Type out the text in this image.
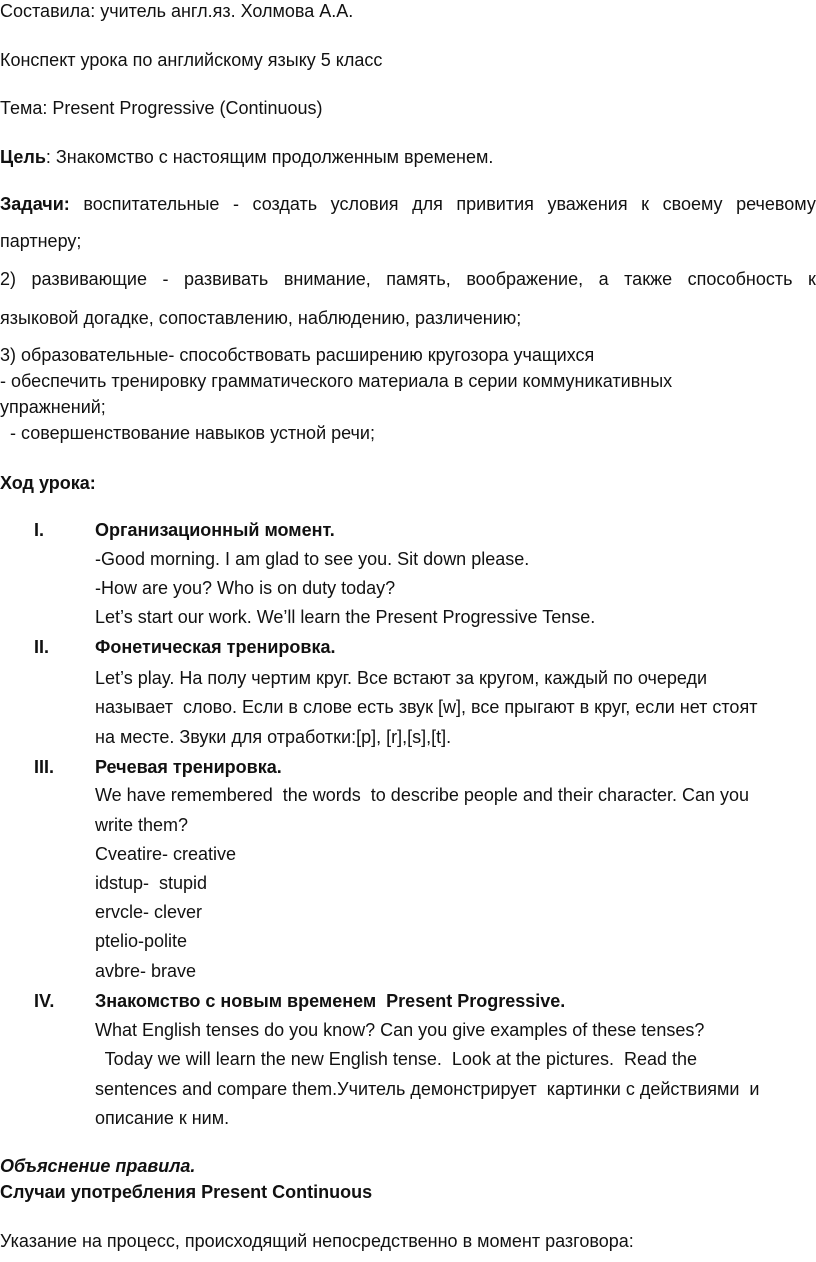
Составила: учитель англ.яз. Холмова А.А.
Конспект урока по английскому языку 5 класс
Тема: Present Progressive (Continuous)
Цель: Знакомство с настоящим продолженным временем.
Задачи: воспитательные - создать условия для привития уважения к своему речевому
партнеру;
2) развивающие - развивать внимание, память, воображение, а также способность к
языковой догадке, сопоставлению, наблюдению, различению;
3) образовательные- способствовать расширению кругозора учащихся
- обеспечить тренировку грамматического материала в серии коммуникативных
упражнений;
- совершенствование навыков устной речи;
Ход урока:
I.	Организационный момент.
-Good morning. I am glad to see you. Sit down please.
-How are you? Who is on duty today?
Let’s start our work. We’ll learn the Present Progressive Tense.
II.	Фонетическая тренировка.
Let’s play. На полу чертим круг. Все встают за кругом, каждый по очереди
называет  слово. Если в слове есть звук [w], все прыгают в круг, если нет стоят
на месте. Звуки для отработки:[p], [r],[s],[t].
III. Речевая тренировка.
We have remembered  the words  to describe people and their character. Can you
write them?
Cveatire- creative
idstup-  stupid
ervcle- clever
ptelio-polite
avbre- brave
IV. Знакомство с новым временем  Present Progressive.
What English tenses do you know? Can you give examples of these tenses?
Today we will learn the new English tense.  Look at the pictures.  Read the
sentences and compare them.Учитель демонстрирует  картинки с действиями  и
описание к ним.
Объяснение правила.
Случаи употребления Present Continuous
Указание на процесс, происходящий непосредственно в момент разговора:
